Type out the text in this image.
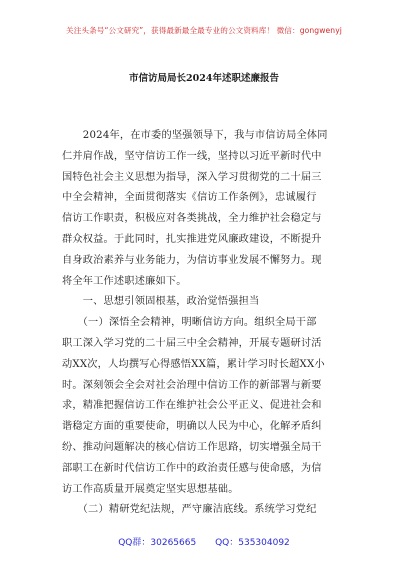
关注头条号“公文研究”，获得最新最全最专业的公文资料库！ 微信：gongwenyj
市信访局局长2024年述职述廉报告
　　2024年，在市委的坚强领导下，我与市信访局全体同
仁并肩作战，坚守信访工作一线，坚持以习近平新时代中
国特色社会主义思想为指导，深入学习贯彻党的二十届三
中全会精神，全面贯彻落实《信访工作条例》，忠诚履行
信访工作职责，积极应对各类挑战，全力维护社会稳定与
群众权益。于此同时，扎实推进党风廉政建设，不断提升
自身政治素养与业务能力，为信访事业发展不懈努力。现
将全年工作述职述廉如下。
　　一、思想引领固根基，政治觉悟强担当
　　（一）深悟全会精神，明晰信访方向。组织全局干部
职工深入学习党的二十届三中全会精神，开展专题研讨活
动XX次，人均撰写心得感悟XX篇，累计学习时长超XX小
时。深刻领会全会对社会治理中信访工作的新部署与新要
求，精准把握信访工作在维护社会公平正义、促进社会和
谐稳定方面的重要使命，明确以人民为中心，化解矛盾纠
纷、推动问题解决的核心信访工作思路，切实增强全局干
部职工在新时代信访工作中的政治责任感与使命感，为信
访工作高质量开展奠定坚实思想基础。
　　（二）精研党纪法规，严守廉洁底线。系统学习党纪
QQ群：30265665 QQ：535304092
